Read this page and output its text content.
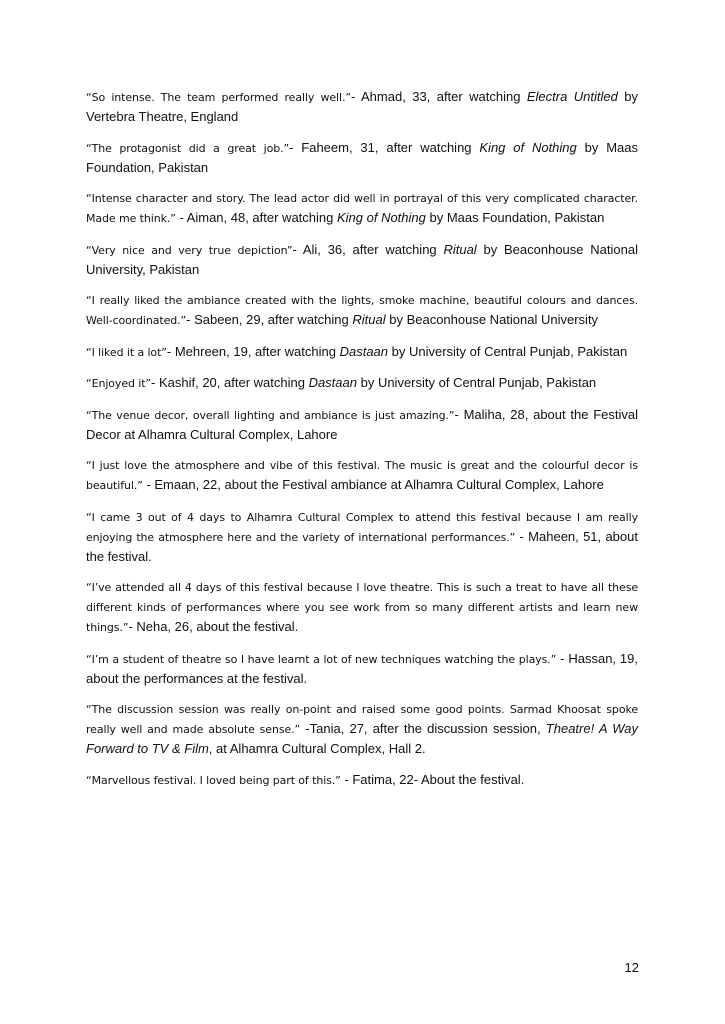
“So intense. The team performed really well.”- Ahmad, 33, after watching Electra Untitled by Vertebra Theatre, England

“The protagonist did a great job.”- Faheem, 31, after watching King of Nothing by Maas Foundation, Pakistan

“Intense character and story. The lead actor did well in portrayal of this very complicated character. Made me think.” - Aiman, 48, after watching King of Nothing by Maas Foundation, Pakistan

“Very nice and very true depiction”- Ali, 36, after watching Ritual by Beaconhouse National University, Pakistan

“I really liked the ambiance created with the lights, smoke machine, beautiful colours and dances. Well-coordinated.”- Sabeen, 29, after watching Ritual by Beaconhouse National University

“I liked it a lot”- Mehreen, 19, after watching Dastaan by University of Central Punjab, Pakistan

“Enjoyed it”- Kashif, 20, after watching Dastaan by University of Central Punjab, Pakistan

“The venue decor, overall lighting and ambiance is just amazing.”- Maliha, 28, about the Festival Decor at Alhamra Cultural Complex, Lahore

“I just love the atmosphere and vibe of this festival. The music is great and the colourful decor is beautiful.” - Emaan, 22, about the Festival ambiance at Alhamra Cultural Complex, Lahore

“I came 3 out of 4 days to Alhamra Cultural Complex to attend this festival because I am really enjoying the atmosphere here and the variety of international performances.” - Maheen, 51, about the festival.

“I’ve attended all 4 days of this festival because I love theatre. This is such a treat to have all these different kinds of performances where you see work from so many different artists and learn new things.”- Neha, 26, about the festival.

“I’m a student of theatre so I have learnt a lot of new techniques watching the plays.” - Hassan, 19, about the performances at the festival.

“The discussion session was really on-point and raised some good points. Sarmad Khoosat spoke really well and made absolute sense.” -Tania, 27, after the discussion session, Theatre! A Way Forward to TV & Film, at Alhamra Cultural Complex, Hall 2.

“Marvellous festival. I loved being part of this.” - Fatima, 22- About the festival.

12
